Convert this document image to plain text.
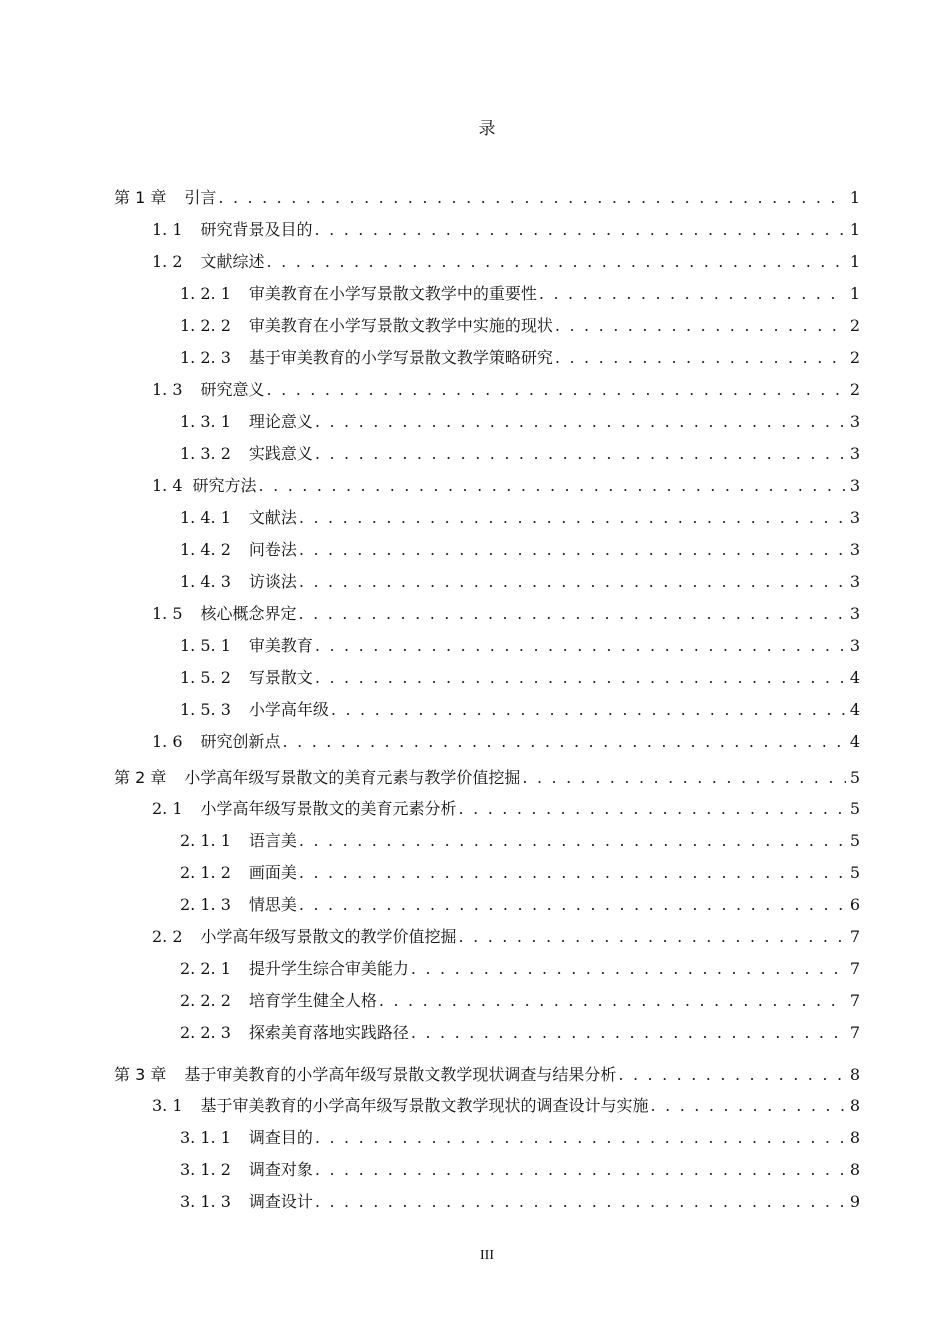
录
第 1 章 引言 . . .	1
1. 1 研究背景及目的 . . .	1
1. 2 文献综述 . . .	1
1. 2. 1 审美教育在小学写景散文教学中的重要性 . . .	1
1. 2. 2 审美教育在小学写景散文教学中实施的现状 . . .	2
1. 2. 3 基于审美教育的小学写景散文教学策略研究 . . .	2
1. 3 研究意义 . . .	2
1. 3. 1 理论意义 . . .	3
1. 3. 2 实践意义 . . .	3
1. 4 研究方法 . . .	3
1. 4. 1 文献法 . . .	3
1. 4. 2 问卷法 . . .	3
1. 4. 3 访谈法 . . .	3
1. 5 核心概念界定 . . .	3
1. 5. 1 审美教育 . . .	3
1. 5. 2 写景散文 . . .	4
1. 5. 3 小学高年级 . . .	4
1. 6 研究创新点 . . .	4
第 2 章 小学高年级写景散文的美育元素与教学价值挖掘 . . .	5
2. 1 小学高年级写景散文的美育元素分析 . . .	5
2. 1. 1 语言美 . . .	5
2. 1. 2 画面美 . . .	5
2. 1. 3 情思美 . . .	6
2. 2 小学高年级写景散文的教学价值挖掘 . . .	7
2. 2. 1 提升学生综合审美能力 . . .	7
2. 2. 2 培育学生健全人格 . . .	7
2. 2. 3 探索美育落地实践路径 . . .	7
第 3 章 基于审美教育的小学高年级写景散文教学现状调查与结果分析 . . .	8
3. 1 基于审美教育的小学高年级写景散文教学现状的调查设计与实施 . . .	8
3. 1. 1 调查目的 . . .	8
3. 1. 2 调查对象 . . .	8
3. 1. 3 调查设计 . . .	9
III
